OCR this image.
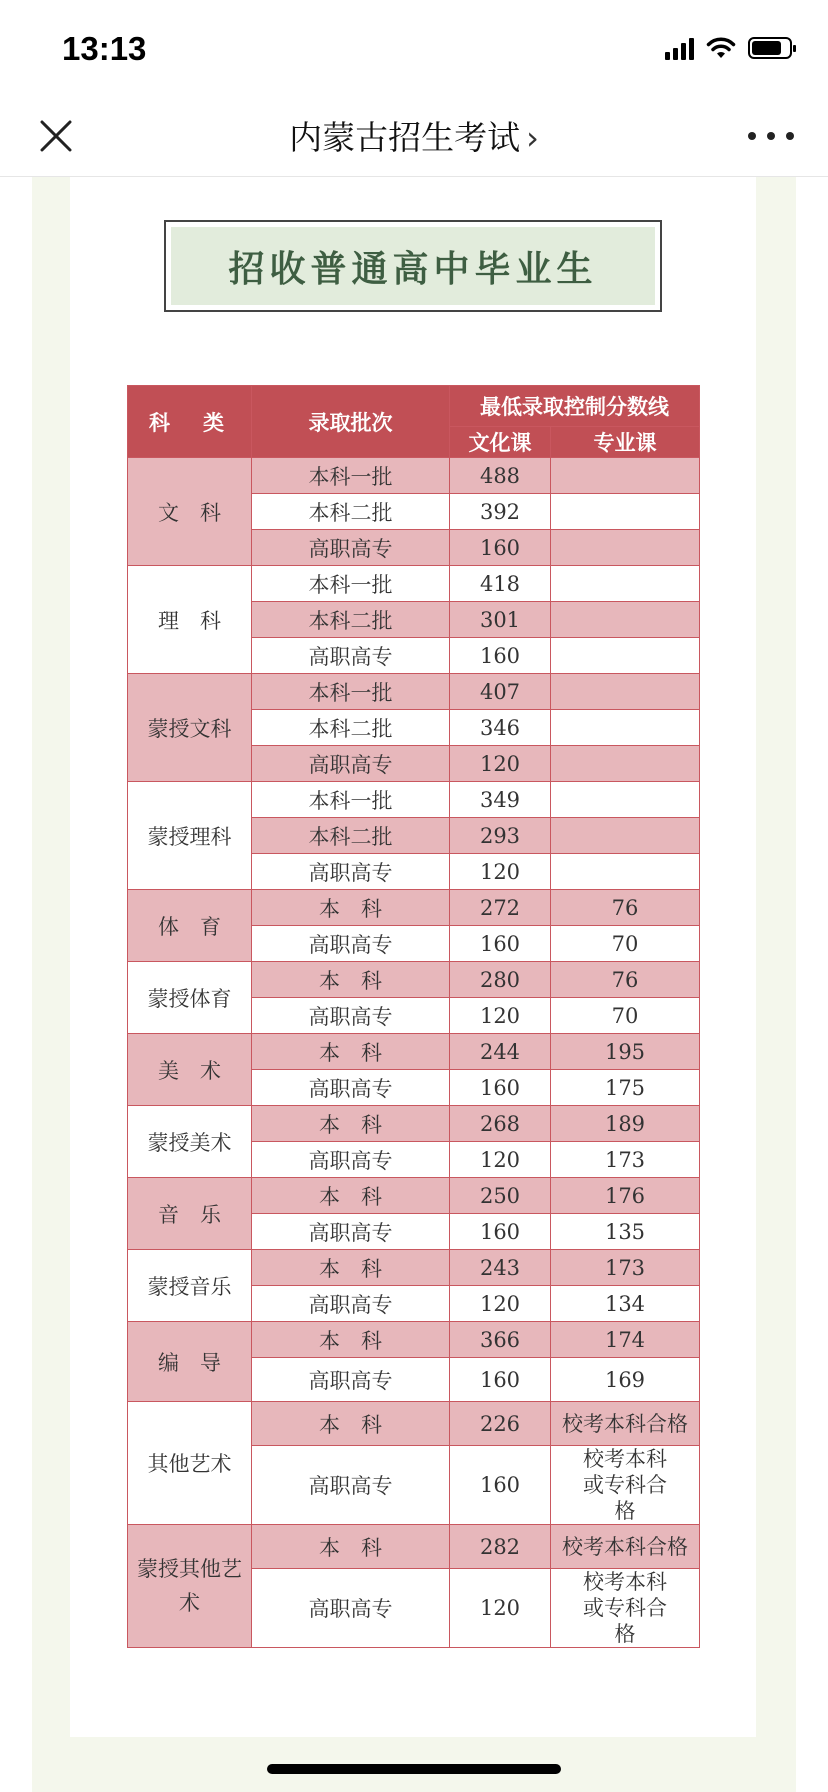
13:13
内蒙古招生考试 ›
招收普通高中毕业生
科　类	录取批次	最低录取控制分数线	
		文化课	专业课
文　科	本科一批	488	
	本科二批	392	
	高职高专	160	
理　科	本科一批	418	
	本科二批	301	
	高职高专	160	
蒙授文科	本科一批	407	
	本科二批	346	
	高职高专	120	
蒙授理科	本科一批	349	
	本科二批	293	
	高职高专	120	
体　育	本　科	272	76
	高职高专	160	70
蒙授体育	本　科	280	76
	高职高专	120	70
美　术	本　科	244	195
	高职高专	160	175
蒙授美术	本　科	268	189
	高职高专	120	173
音　乐	本　科	250	176
	高职高专	160	135
蒙授音乐	本　科	243	173
	高职高专	120	134
编　导	本　科	366	174
	高职高专	160	169
其他艺术	本　科	226	校考本科合格
	高职高专	160	校考本科或专科合格
蒙授其他艺术	本　科	282	校考本科合格
	高职高专	120	校考本科或专科合格
